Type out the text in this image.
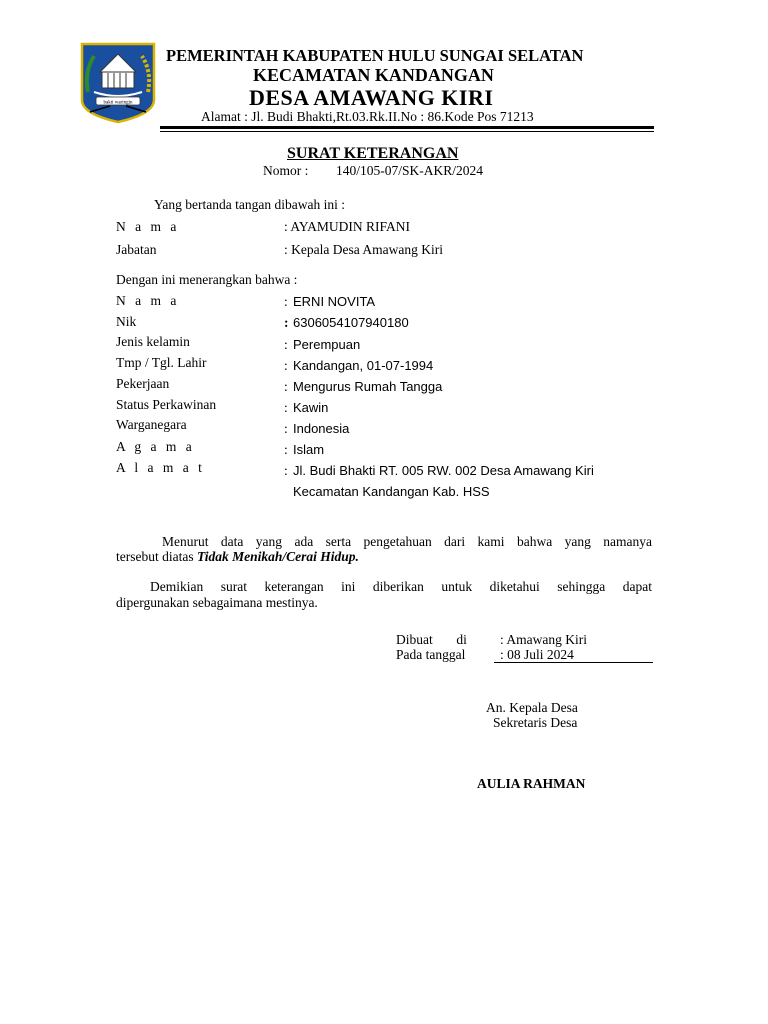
bakti waringin
PEMERINTAH KABUPATEN HULU SUNGAI SELATAN
KECAMATAN KANDANGAN
DESA AMAWANG KIRI
Alamat : Jl. Budi Bhakti,Rt.03.Rk.II.No : 86.Kode Pos 71213
SURAT KETERANGAN
Nomor : 140/105-07/SK-AKR/2024
Yang bertanda tangan dibawah ini :
N a m a	: AYAMUDIN RIFANI
Jabatan	: Kepala Desa Amawang Kiri
Dengan ini menerangkan bahwa :
N a m a	: ERNI NOVITA
Nik	: 6306054107940180
Jenis kelamin	: Perempuan
Tmp / Tgl. Lahir	: Kandangan, 01-07-1994
Pekerjaan	: Mengurus Rumah Tangga
Status Perkawinan	: Kawin
Warganegara	: Indonesia
A g a m a	: Islam
A l a m a t	: Jl. Budi Bhakti RT. 005 RW. 002 Desa Amawang Kiri
Kecamatan Kandangan Kab. HSS
Menurut data yang ada serta pengetahuan dari kami bahwa yang namanya
tersebut diatas Tidak Menikah/Cerai Hidup.
Demikian surat keterangan ini diberikan untuk diketahui sehingga dapat
dipergunakan sebagaimana mestinya.
Dibuat       di : Amawang Kiri
Pada tanggal	: 08 Juli 2024
An. Kepala Desa
Sekretaris Desa
AULIA RAHMAN
